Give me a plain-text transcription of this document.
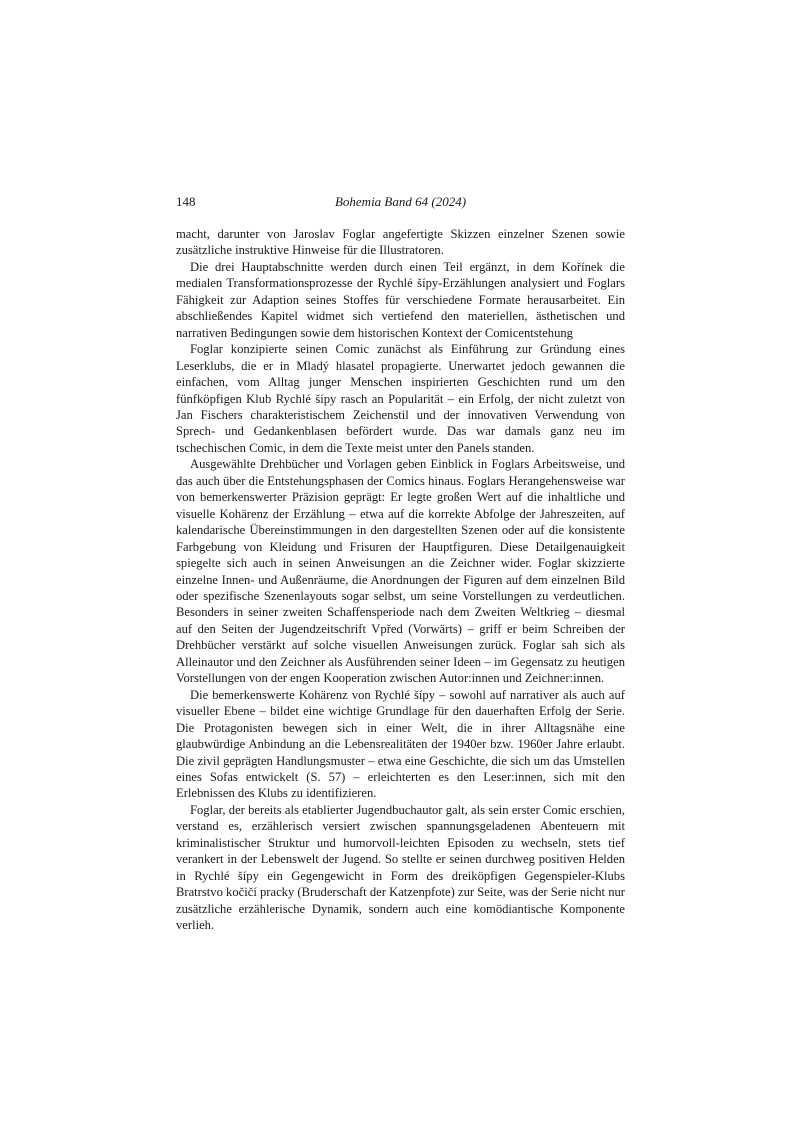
148	Bohemia Band 64 (2024)

macht, darunter von Jaroslav Foglar angefertigte Skizzen einzelner Szenen sowie zusätzliche instruktive Hinweise für die Illustratoren.

Die drei Hauptabschnitte werden durch einen Teil ergänzt, in dem Kořínek die medialen Transformationsprozesse der Rychlé šípy-Erzählungen analysiert und Foglars Fähigkeit zur Adaption seines Stoffes für verschiedene Formate herausarbeitet. Ein abschließendes Kapitel widmet sich vertiefend den materiellen, ästhetischen und narrativen Bedingungen sowie dem historischen Kontext der Comicentstehung

Foglar konzipierte seinen Comic zunächst als Einführung zur Gründung eines Leserklubs, die er in Mladý hlasatel propagierte. Unerwartet jedoch gewannen die einfachen, vom Alltag junger Menschen inspirierten Geschichten rund um den fünfköpfigen Klub Rychlé šípy rasch an Popularität – ein Erfolg, der nicht zuletzt von Jan Fischers charakteristischem Zeichenstil und der innovativen Verwendung von Sprech- und Gedankenblasen befördert wurde. Das war damals ganz neu im tschechischen Comic, in dem die Texte meist unter den Panels standen.

Ausgewählte Drehbücher und Vorlagen geben Einblick in Foglars Arbeitsweise, und das auch über die Entstehungsphasen der Comics hinaus. Foglars Herangehensweise war von bemerkenswerter Präzision geprägt: Er legte großen Wert auf die inhaltliche und visuelle Kohärenz der Erzählung – etwa auf die korrekte Abfolge der Jahreszeiten, auf kalendarische Übereinstimmungen in den dargestellten Szenen oder auf die konsistente Farbgebung von Kleidung und Frisuren der Hauptfiguren. Diese Detailgenauigkeit spiegelte sich auch in seinen Anweisungen an die Zeichner wider. Foglar skizzierte einzelne Innen- und Außenräume, die Anordnungen der Figuren auf dem einzelnen Bild oder spezifische Szenenlayouts sogar selbst, um seine Vorstellungen zu verdeutlichen. Besonders in seiner zweiten Schaffensperiode nach dem Zweiten Weltkrieg – diesmal auf den Seiten der Jugendzeitschrift Vpřed (Vorwärts) – griff er beim Schreiben der Drehbücher verstärkt auf solche visuellen Anweisungen zurück. Foglar sah sich als Alleinautor und den Zeichner als Ausführenden seiner Ideen – im Gegensatz zu heutigen Vorstellungen von der engen Kooperation zwischen Autor:innen und Zeichner:innen.

Die bemerkenswerte Kohärenz von Rychlé šípy – sowohl auf narrativer als auch auf visueller Ebene – bildet eine wichtige Grundlage für den dauerhaften Erfolg der Serie. Die Protagonisten bewegen sich in einer Welt, die in ihrer Alltagsnähe eine glaubwürdige Anbindung an die Lebensrealitäten der 1940er bzw. 1960er Jahre erlaubt. Die zivil geprägten Handlungsmuster – etwa eine Geschichte, die sich um das Umstellen eines Sofas entwickelt (S. 57) – erleichterten es den Leser:innen, sich mit den Erlebnissen des Klubs zu identifizieren.

Foglar, der bereits als etablierter Jugendbuchautor galt, als sein erster Comic erschien, verstand es, erzählerisch versiert zwischen spannungsgeladenen Abenteuern mit kriminalistischer Struktur und humorvoll-leichten Episoden zu wechseln, stets tief verankert in der Lebenswelt der Jugend. So stellte er seinen durchweg positiven Helden in Rychlé šípy ein Gegengewicht in Form des dreiköpfigen Gegenspieler-Klubs Bratrstvo kočičí pracky (Bruderschaft der Katzenpfote) zur Seite, was der Serie nicht nur zusätzliche erzählerische Dynamik, sondern auch eine komödiantische Komponente verlieh.
